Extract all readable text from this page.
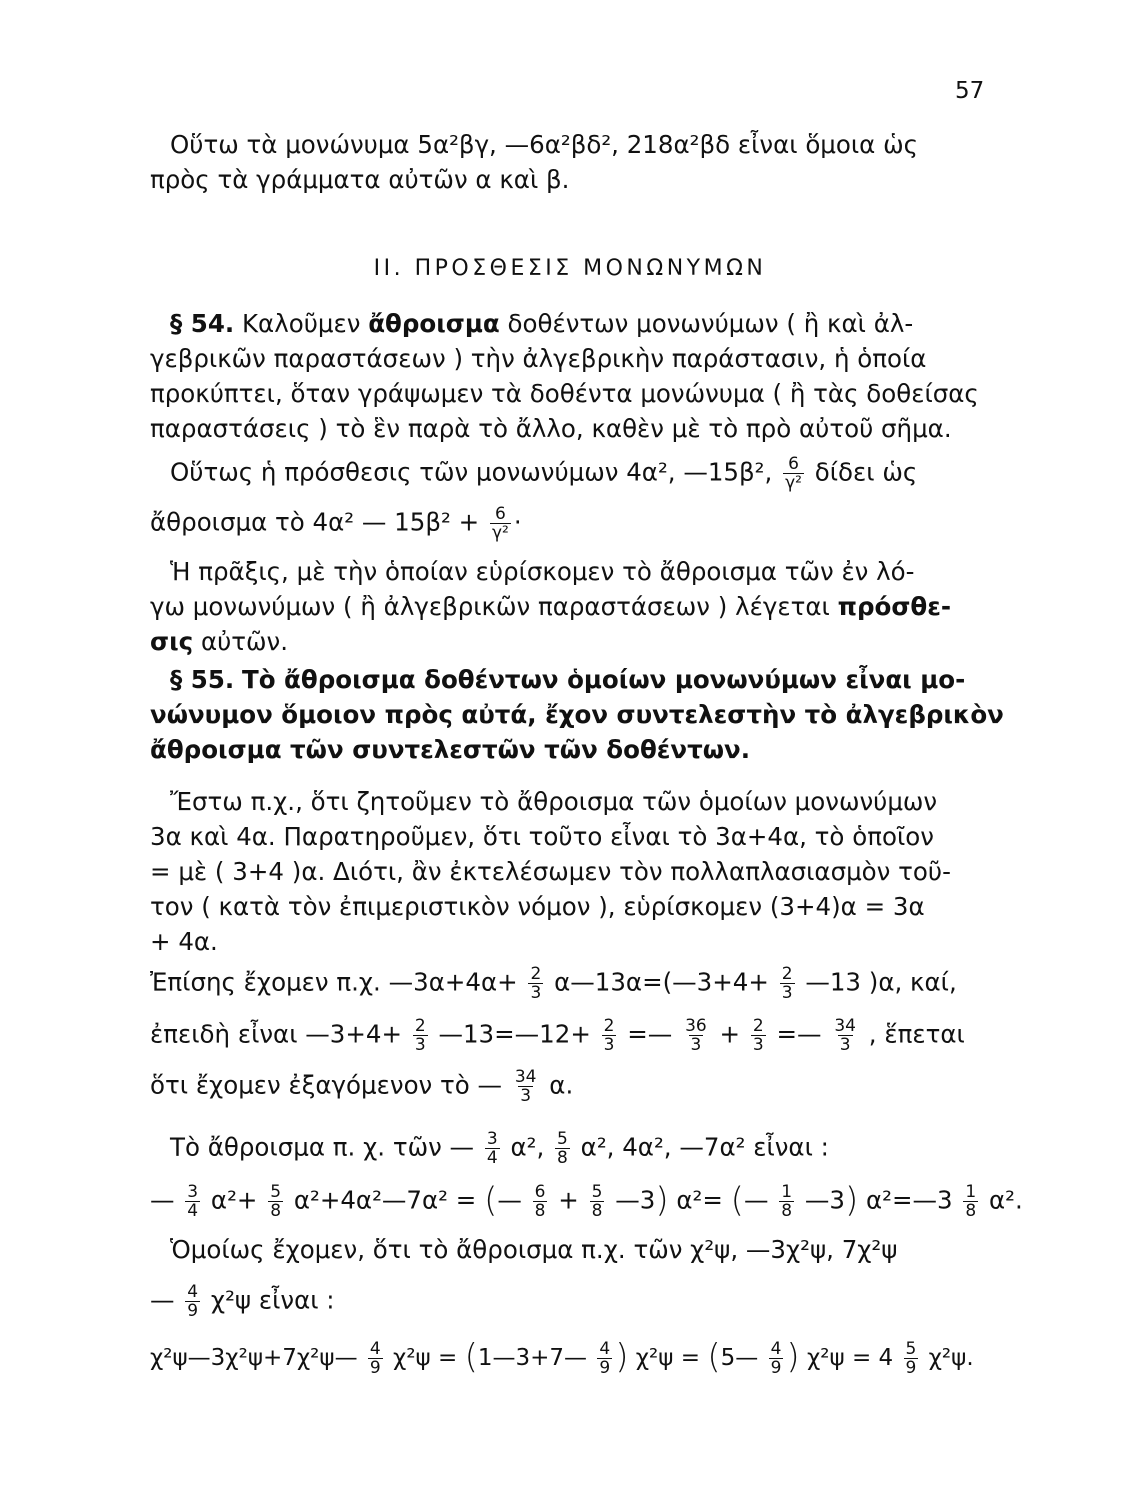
57
Οὕτω τὰ μονώνυμα 5α²βγ, —6α²βδ², 218α²βδ εἶναι ὅμοια ὡς
πρὸς τὰ γράμματα αὐτῶν α καὶ β.
II. ΠΡΟΣΘΕΣΙΣ ΜΟΝΩΝΥΜΩΝ
§ 54. Καλοῦμεν ἄθροισμα δοθέντων μονωνύμων ( ἢ καὶ ἀλ-
γεβρικῶν παραστάσεων ) τὴν ἀλγεβρικὴν παράστασιν, ἡ ὁποία
προκύπτει, ὅταν γράψωμεν τὰ δοθέντα μονώνυμα ( ἢ τὰς δοθείσας
παραστάσεις ) τὸ ἓν παρὰ τὸ ἄλλο, καθὲν μὲ τὸ πρὸ αὐτοῦ σῆμα.
Οὕτως ἡ πρόσθεσις τῶν μονωνύμων 4α², —15β², $\frac{6}{\text{γ²}}$ δίδει ὡς
ἄθροισμα τὸ 4α² — $15\beta^2 + \frac{6}{\text{γ²}}$ ·
Ἡ πρᾶξις, μὲ τὴν ὁποίαν εὑρίσκομεν τὸ ἄθροισμα τῶν ἐν λό-
γω μονωνύμων ( ἢ ἀλγεβρικῶν παραστάσεων ) λέγεται πρόσθε-
σις αὐτῶν.
§ 55. Τὸ ἄθροισμα δοθέντων ὁμοίων μονωνύμων εἶναι μο-
νώνυμον ὅμοιον πρὸς αὐτά, ἔχον συντελεστὴν τὸ ἀλγεβρικὸν
ἄθροισμα τῶν συντελεστῶν τῶν δοθέντων.
Ἔστω π.χ., ὅτι ζητοῦμεν τὸ ἄθροισμα τῶν ὁμοίων μονωνύμων
3α καὶ 4α. Παρατηροῦμεν, ὅτι τοῦτο εἶναι τὸ 3α+4α, τὸ ὁποῖον
= μὲ ( 3+4 )α. Διότι, ἂν ἐκτελέσωμεν τὸν πολλαπλασιασμὸν τοῦ-
τον ( κατὰ τὸν ἐπιμεριστικὸν νόμον ), εὑρίσκομεν (3+4)α = 3α
+ 4α.
Ἐπίσης ἔχομεν π.χ. —3α+4α+ $\frac{2}{3}$ α—13α=(—3+4+ $\frac{2}{3}$ —13 )α, καί,
ἐπειδὴ εἶναι —3+4+ $\frac{2}{3}$ —13=—12+ $\frac{2}{3}$ =— $\frac{36}{3} + \frac{2}{3}$ =— $\frac{34}{3}$ , ἕπεται
ὅτι ἔχομεν ἐξαγόμενον τὸ — $\frac{34}{3} \alpha$.
Τὸ ἄθροισμα π. χ. τῶν — $\frac{3}{4} \alpha^2$, $\frac{5}{8} \alpha^2$, 4α², —7α² εἶναι :
— $\frac{3}{4} \alpha^2+ \frac{5}{8}$ α²+4α²—7α² = (— $\frac{6}{8} + \frac{5}{8}$ —3) α²= (— $\frac{1}{8}$ —3) α²=—3 $\frac{1}{8} \alpha^2$.
Ὁμοίως ἔχομεν, ὅτι τὸ ἄθροισμα π.χ. τῶν χ²ψ, —3χ²ψ, 7χ²ψ
— $\frac{4}{9} \chi^2\psi$ εἶναι :
χ²ψ—3χ²ψ+7χ²ψ— $\frac{4}{9} \chi^2\psi$ = (1—3+7— $\frac{4}{9}$ ) χ²ψ = (5— $\frac{4}{9}$ ) $\chi^2\psi = 4 \frac{5}{9} \chi^2\psi$.
